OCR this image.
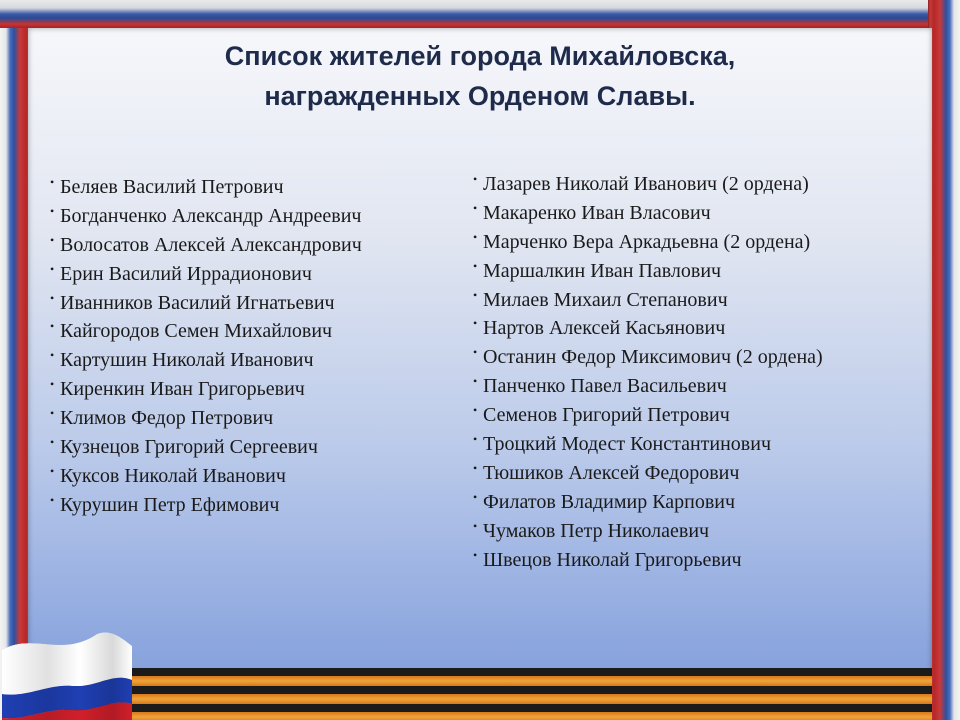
Список жителей города Михайловска,
награжденных Орденом Славы.
• Беляев Василий Петрович
• Богданченко Александр Андреевич
• Волосатов Алексей Александрович
• Ерин Василий Иррадионович
• Иванников Василий Игнатьевич
• Кайгородов Семен Михайлович
• Картушин Николай Иванович
• Киренкин Иван Григорьевич
• Климов Федор Петрович
• Кузнецов Григорий Сергеевич
• Куксов Николай Иванович
• Курушин Петр Ефимович
• Лазарев Николай Иванович (2 ордена)
• Макаренко Иван Власович
• Марченко Вера Аркадьевна (2 ордена)
• Маршалкин Иван Павлович
• Милаев Михаил Степанович
• Нартов Алексей Касьянович
• Останин Федор Миксимович (2 ордена)
• Панченко Павел Васильевич
• Семенов Григорий Петрович
• Троцкий Модест Константинович
• Тюшиков Алексей Федорович
• Филатов Владимир Карпович
• Чумаков Петр Николаевич
• Швецов Николай Григорьевич
